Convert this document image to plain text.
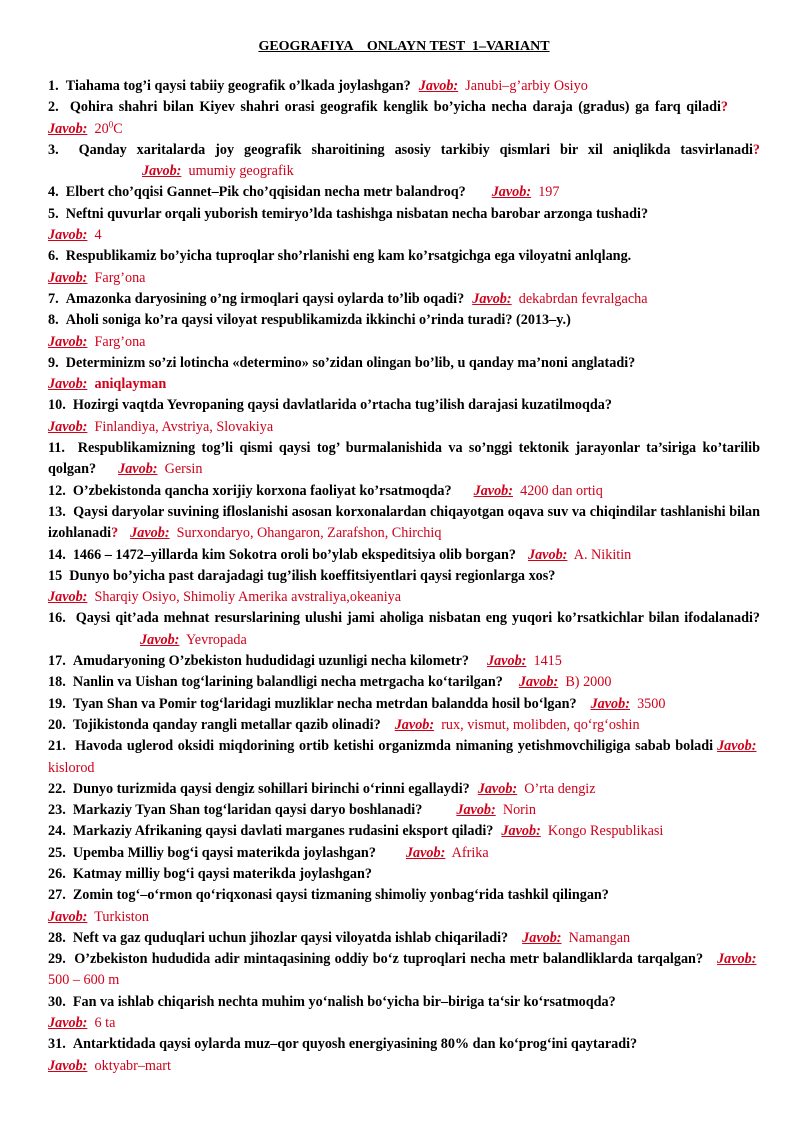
GEOGRAFIYA    ONLAYN TEST  1–VARIANT

1. Tiahama tog’i qaysi tabiiy geografik o’lkada joylashgan? Javob: Janubi–g’arbiy Osiyo

2. Qohira shahri bilan Kiyev shahri orasi geografik kenglik bo’yicha necha daraja (gradus) ga farq qiladi?Javob: $20^0C$

3. Qanday xaritalarda joy geografik sharoitining asosiy tarkibiy qismlari bir xil aniqlikda tasvirlanadi?Javob: umumiy geografik

4. Elbert cho’qqisi Gannet–Pik cho’qqisidan necha metr balandroq? Javob: 197

5. Neftni quvurlar orqali yuborish temiryo’lda tashishga nisbatan necha barobar arzonga tushadi?
Javob: 4

6. Respublikamiz bo’yicha tuproqlar sho’rlanishi eng kam ko’rsatgichga ega viloyatni anlqlang.
Javob: Farg’ona

7. Amazonka daryosining o’ng irmoqlari qaysi oylarda to’lib oqadi? Javob: dekabrdan fevralgacha

8. Aholi soniga ko’ra qaysi viloyat respublikamizda ikkinchi o’rinda turadi? (2013–y.)
Javob: Farg’ona

9. Determinizm so’zi lotincha «determino» so’zidan olingan bo’lib, u qanday ma’noni anglatadi?
Javob: aniqlayman

10. Hozirgi vaqtda Yevropaning qaysi davlatlarida o’rtacha tug’ilish darajasi kuzatilmoqda?
Javob: Finlandiya, Avstriya, Slovakiya

11. Respublikamizning tog’li qismi qaysi tog’ burmalanishida va so’nggi tektonik jarayonlar ta’siriga ko’tarilib qolgan? Javob: Gersin

12. O’zbekistonda qancha xorijiy korxona faoliyat ko’rsatmoqda? Javob: 4200 dan ortiq

13. Qaysi daryolar suvining ifloslanishi asosan korxonalardan chiqayotgan oqava suv va chiqindilar tashlanishi bilan izohlanadi? Javob: Surxondaryo, Ohangaron, Zarafshon, Chirchiq

14. 1466 – 1472–yillarda kim Sokotra oroli bo’ylab ekspeditsiya olib borgan? Javob: A. Nikitin

15 Dunyo bo’yicha past darajadagi tug’ilish koeffitsiyentlari qaysi regionlarga xos?
Javob: Sharqiy Osiyo, Shimoliy Amerika avstraliya,okeaniya

16. Qaysi qit’ada mehnat resurslarining ulushi jami aholiga nisbatan eng yuqori ko’rsatkichlar bilan ifodalanadi?Javob: Yevropada

17. Amudaryoning O’zbekiston hududidagi uzunligi necha kilometr? Javob: 1415

18. Nanlin va Uishan tog‘larining balandligi necha metrgacha ko‘tarilgan? Javob: B) 2000

19. Tyan Shan va Pomir tog‘laridagi muzliklar necha metrdan balandda hosil bo‘lgan? Javob: 3500

20. Tojikistonda qanday rangli metallar qazib olinadi? Javob: rux, vismut, molibden, qo‘rg‘oshin

21. Havoda uglerod oksidi miqdorining ortib ketishi organizmda nimaning yetishmovchiligiga sabab boladi Javob:  kislorod

22. Dunyo turizmida qaysi dengiz sohillari birinchi o‘rinni egallaydi? Javob: O’rta dengiz

23. Markaziy Tyan Shan tog‘laridan qaysi daryo boshlanadi? Javob: Norin

24. Markaziy Afrikaning qaysi davlati marganes rudasini eksport qiladi? Javob: Kongo Respublikasi

25. Upemba Milliy bog‘i qaysi materikda joylashgan? Javob: Afrika

26. Katmay milliy bog‘i qaysi materikda joylashgan?

27. Zomin tog‘–o‘rmon qo‘riqxonasi qaysi tizmaning shimoliy yonbag‘rida tashkil qilingan?
Javob: Turkiston

28. Neft va gaz quduqlari uchun jihozlar qaysi viloyatda ishlab chiqariladi? Javob: Namangan

29. O’zbekiston hududida adir mintaqasining oddiy bo‘z tuproqlari necha metr balandliklarda tarqalgan? Javob:  500 – 600 m

30. Fan va ishlab chiqarish nechta muhim yo‘nalish bo‘yicha bir–biriga ta‘sir ko‘rsatmoqda?
Javob: 6 ta

31. Antarktidada qaysi oylarda muz–qor quyosh energiyasining 80% dan ko‘prog‘ini qaytaradi?
Javob: oktyabr–mart
